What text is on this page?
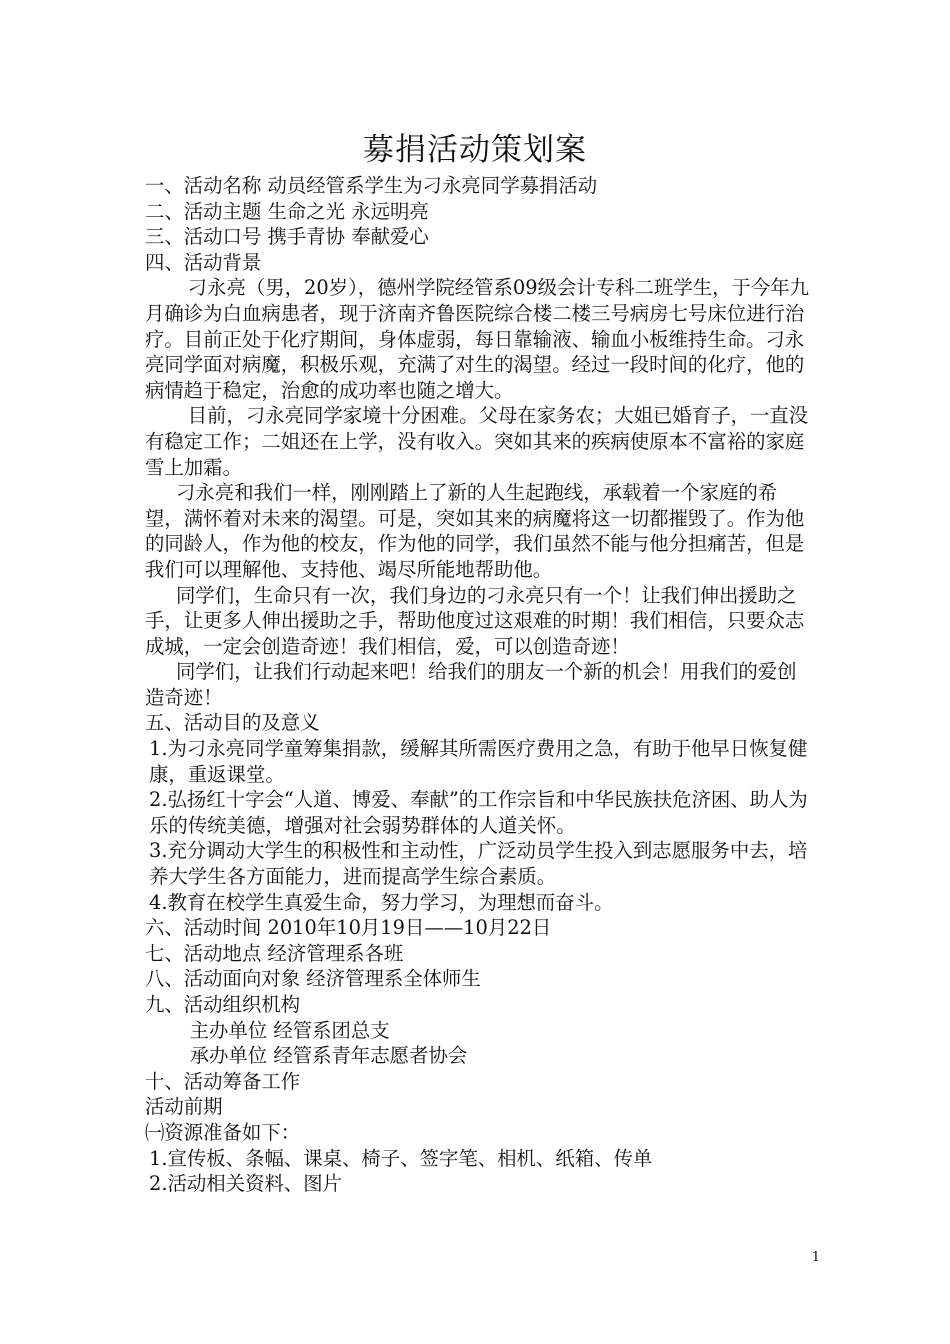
募捐活动策划案

一、活动名称 动员经管系学生为刁永亮同学募捐活动

二、活动主题 生命之光 永远明亮

三、活动口号 携手青协 奉献爱心

四、活动背景

刁永亮（男，20岁），德州学院经管系09级会计专科二班学生，于今年九月确诊为白血病患者，现于济南齐鲁医院综合楼二楼三号病房七号床位进行治疗。目前正处于化疗期间，身体虚弱，每日靠输液、输血小板维持生命。刁永亮同学面对病魔，积极乐观，充满了对生的渴望。经过一段时间的化疗，他的病情趋于稳定，治愈的成功率也随之增大。

目前，刁永亮同学家境十分困难。父母在家务农；大姐已婚育子，一直没有稳定工作；二姐还在上学，没有收入。突如其来的疾病使原本不富裕的家庭雪上加霜。

刁永亮和我们一样，刚刚踏上了新的人生起跑线，承载着一个家庭的希望，满怀着对未来的渴望。可是，突如其来的病魔将这一切都摧毁了。作为他的同龄人，作为他的校友，作为他的同学，我们虽然不能与他分担痛苦，但是我们可以理解他、支持他、竭尽所能地帮助他。

同学们，生命只有一次，我们身边的刁永亮只有一个！让我们伸出援助之手，让更多人伸出援助之手，帮助他度过这艰难的时期！我们相信，只要众志成城，一定会创造奇迹！我们相信，爱，可以创造奇迹！

同学们，让我们行动起来吧！给我们的朋友一个新的机会！用我们的爱创造奇迹！

五、活动目的及意义

1.为刁永亮同学童筹集捐款，缓解其所需医疗费用之急，有助于他早日恢复健康，重返课堂。

2.弘扬红十字会“人道、博爱、奉献”的工作宗旨和中华民族扶危济困、助人为乐的传统美德，增强对社会弱势群体的人道关怀。

3.充分调动大学生的积极性和主动性，广泛动员学生投入到志愿服务中去，培养大学生各方面能力，进而提高学生综合素质。

4.教育在校学生真爱生命，努力学习，为理想而奋斗。

六、活动时间 2010年10月19日——10月22日

七、活动地点 经济管理系各班

八、活动面向对象 经济管理系全体师生

九、活动组织机构

主办单位 经管系团总支

承办单位 经管系青年志愿者协会

十、活动筹备工作

活动前期

㈠资源准备如下：

1.宣传板、条幅、课桌、椅子、签字笔、相机、纸箱、传单

2.活动相关资料、图片

1
